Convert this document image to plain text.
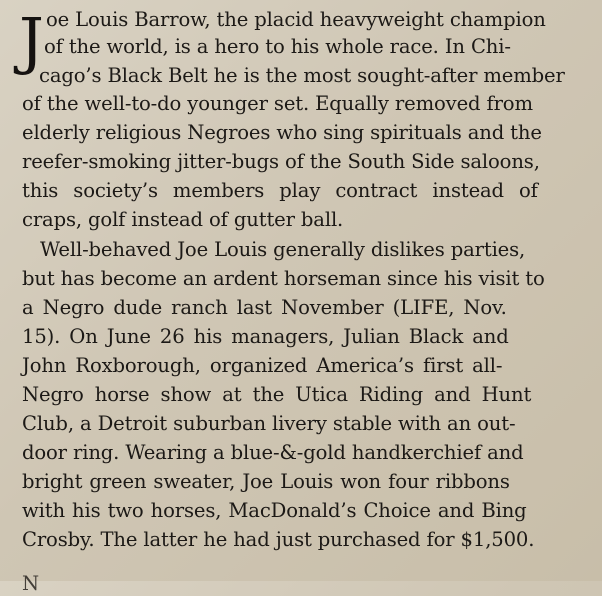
J oe Louis Barrow, the placid heavyweight champion
of the world, is a hero to his whole race. In Chi-
cago’s Black Belt he is the most sought-after member
of the well-to-do younger set. Equally removed from
elderly religious Negroes who sing spirituals and the
reefer-smoking jitter-bugs of the South Side saloons,
this society’s members play contract instead of
craps, golf instead of gutter ball.
Well-behaved Joe Louis generally dislikes parties,
but has become an ardent horseman since his visit to
a Negro dude ranch last November (LIFE, Nov.
15). On June 26 his managers, Julian Black and
John Roxborough, organized America’s first all-
Negro horse show at the Utica Riding and Hunt
Club, a Detroit suburban livery stable with an out-
door ring. Wearing a blue-&-gold handkerchief and
bright green sweater, Joe Louis won four ribbons
with his two horses, MacDonald’s Choice and Bing
Crosby. The latter he had just purchased for $1,500.
N
